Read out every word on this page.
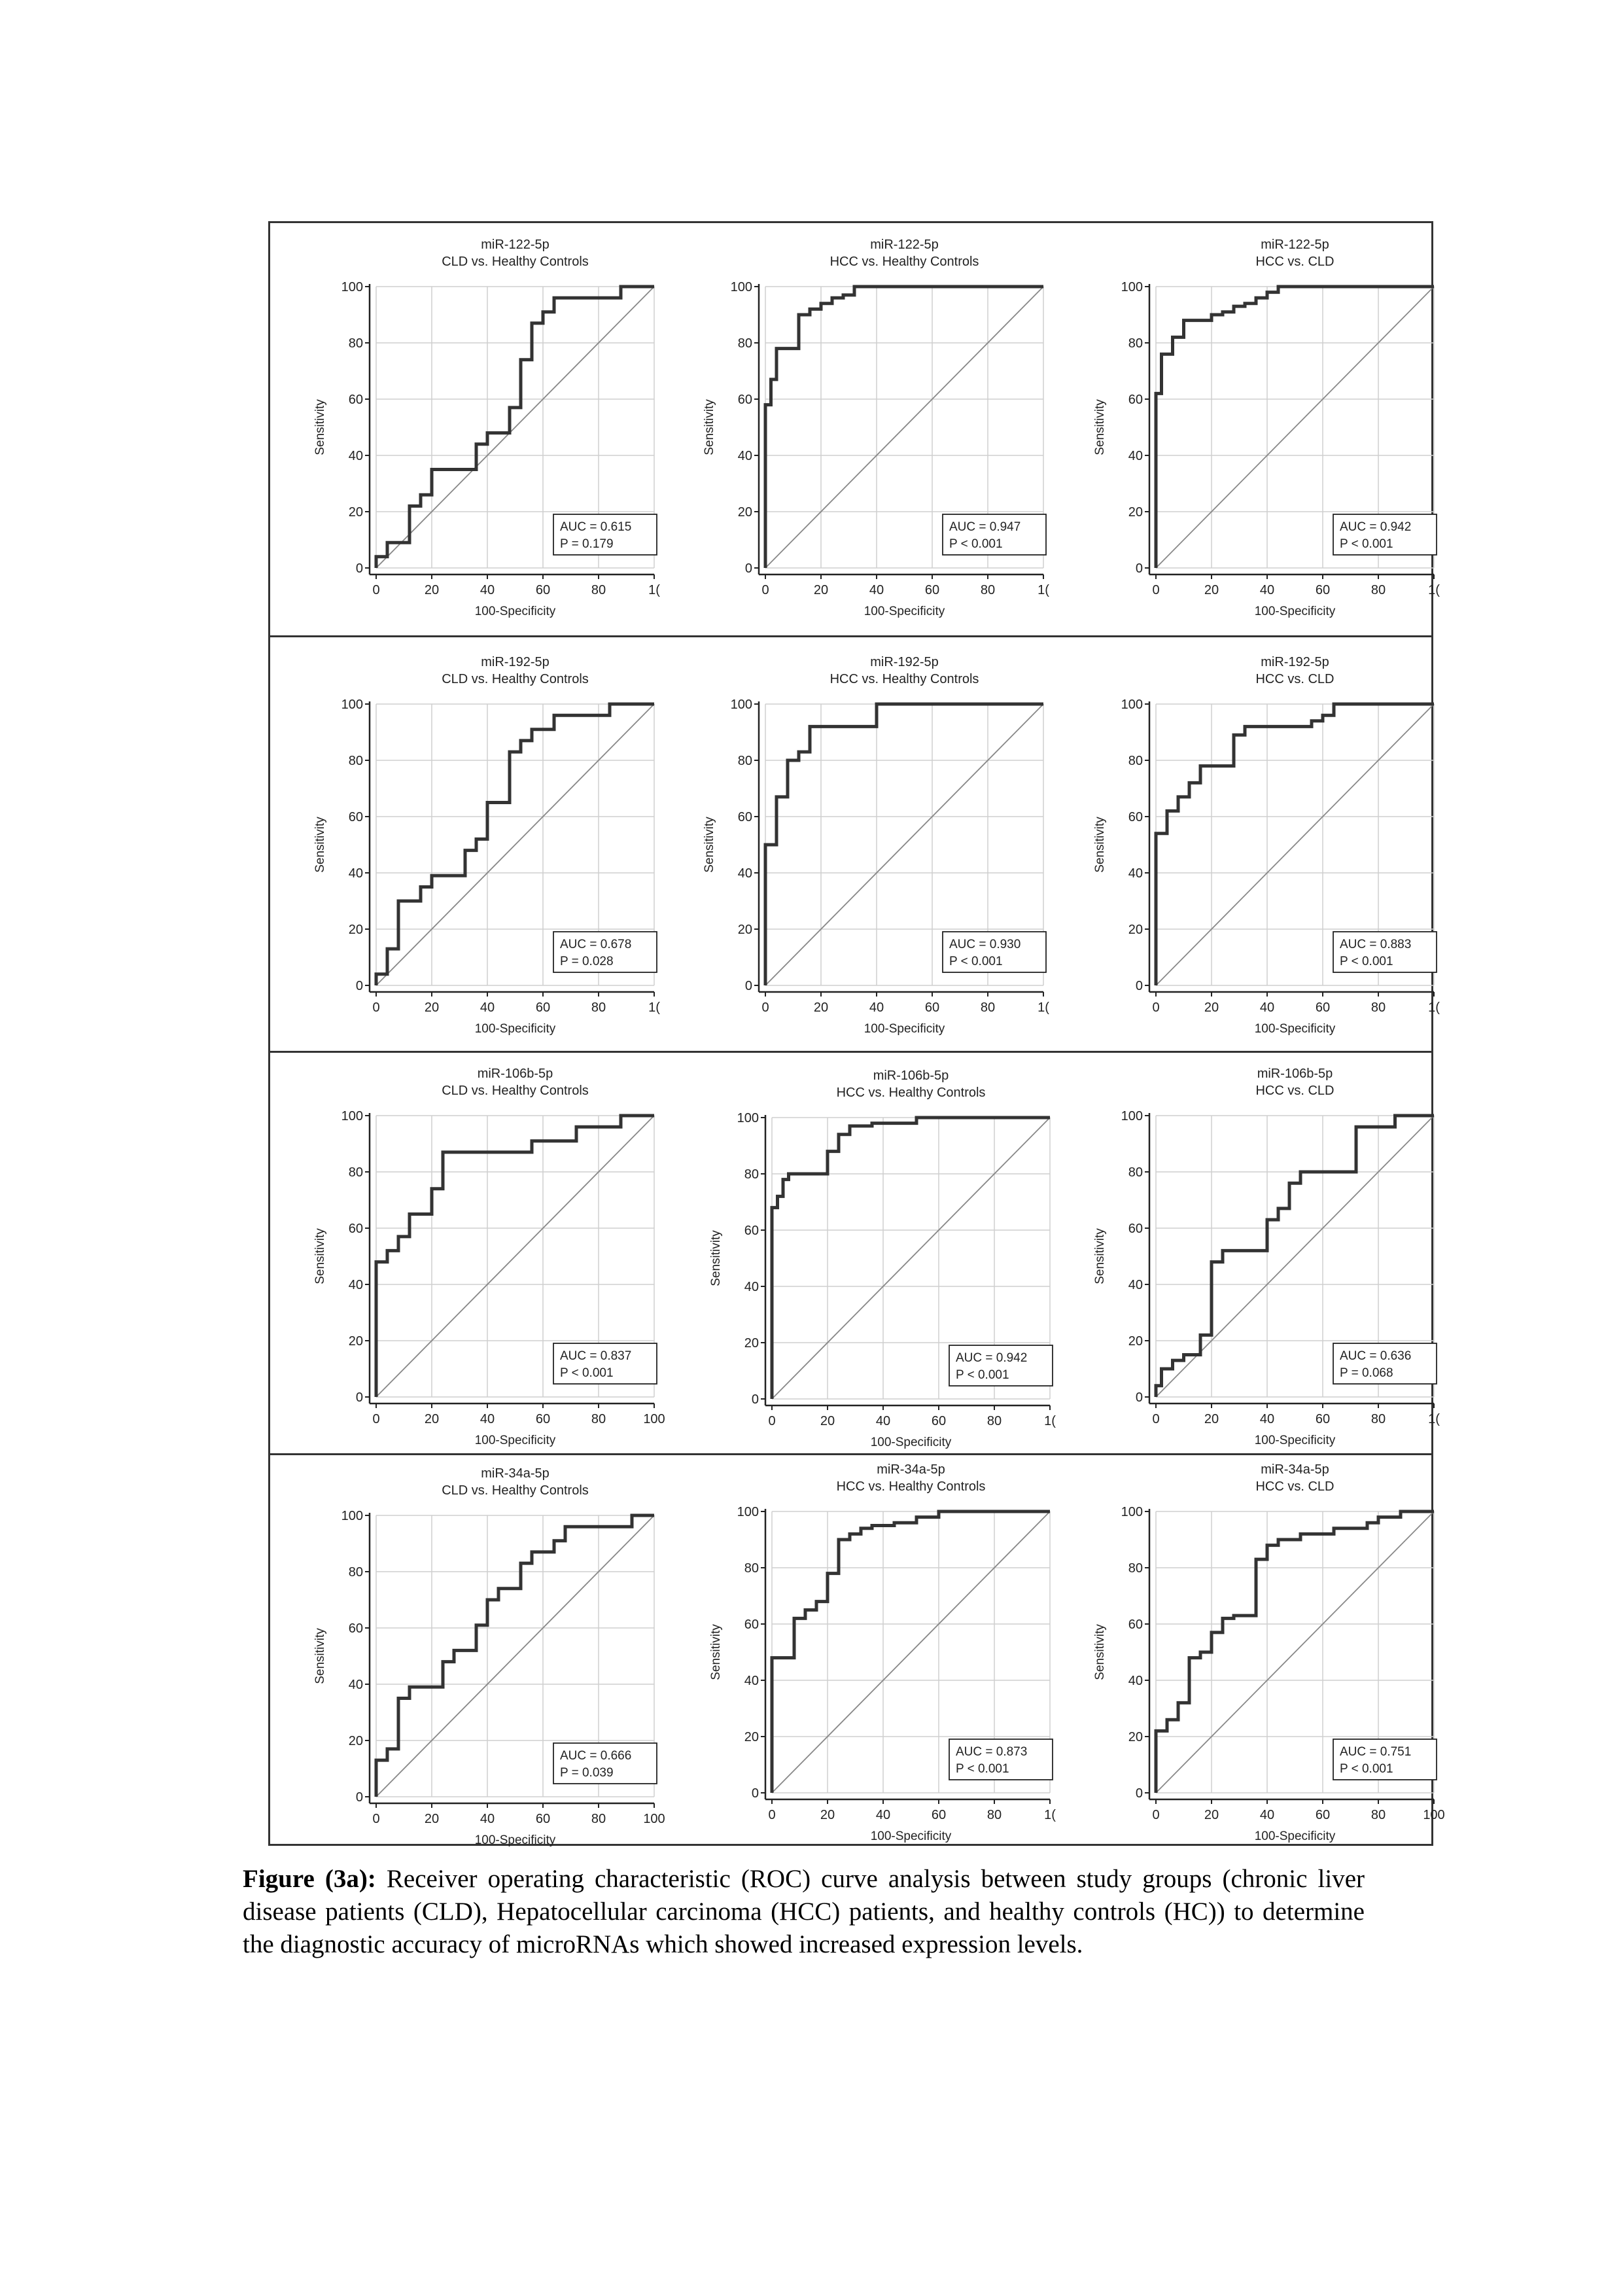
miR-122-5p
CLD vs. Healthy Controls
0
20
40
60
80
100
0	20	40	60	80	1(
100-Specificity
Sensitivity
AUC = 0.615
P = 0.179
miR-122-5p
HCC vs. Healthy Controls
0
20
40
60
80
100
0	20	40	60	80	1(
100-Specificity
Sensitivity
AUC = 0.947
P < 0.001
miR-122-5p
HCC vs. CLD
0
20
40
60
80
100
0	20	40	60	80	1(
100-Specificity
Sensitivity
AUC = 0.942
P < 0.001
miR-192-5p
CLD vs. Healthy Controls
0
20
40
60
80
100
0	20	40	60	80	1(
100-Specificity
Sensitivity
AUC = 0.678
P = 0.028
miR-192-5p
HCC vs. Healthy Controls
0
20
40
60
80
100
0	20	40	60	80	1(
100-Specificity
Sensitivity
AUC = 0.930
P < 0.001
miR-192-5p
HCC vs. CLD
0
20
40
60
80
100
0	20	40	60	80	1(
100-Specificity
Sensitivity
AUC = 0.883
P < 0.001
miR-106b-5p
CLD vs. Healthy Controls
0
20
40
60
80
100
0	20	40	60	80	100
100-Specificity
Sensitivity
AUC = 0.837
P < 0.001
miR-106b-5p
HCC vs. Healthy Controls
0
20
40
60
80
100
0	20	40	60	80	1(
100-Specificity
Sensitivity
AUC = 0.942
P < 0.001
miR-106b-5p
HCC vs. CLD
0
20
40
60
80
100
0	20	40	60	80	1(
100-Specificity
Sensitivity
AUC = 0.636
P = 0.068
miR-34a-5p
CLD vs. Healthy Controls
0
20
40
60
80
100
0	20	40	60	80	100
100-Specificity
Sensitivity
AUC = 0.666
P = 0.039
miR-34a-5p
HCC vs. Healthy Controls
0
20
40
60
80
100
0	20	40	60	80	1(
100-Specificity
Sensitivity
AUC = 0.873
P < 0.001
miR-34a-5p
HCC vs. CLD
0
20
40
60
80
100
0	20	40	60	80	100
100-Specificity
Sensitivity
AUC = 0.751
P < 0.001

Figure (3a): Receiver operating characteristic (ROC) curve analysis between study groups (chronic liver disease patients (CLD), Hepatocellular carcinoma (HCC) patients, and healthy controls (HC)) to determine the diagnostic accuracy of microRNAs which showed increased expression levels.
